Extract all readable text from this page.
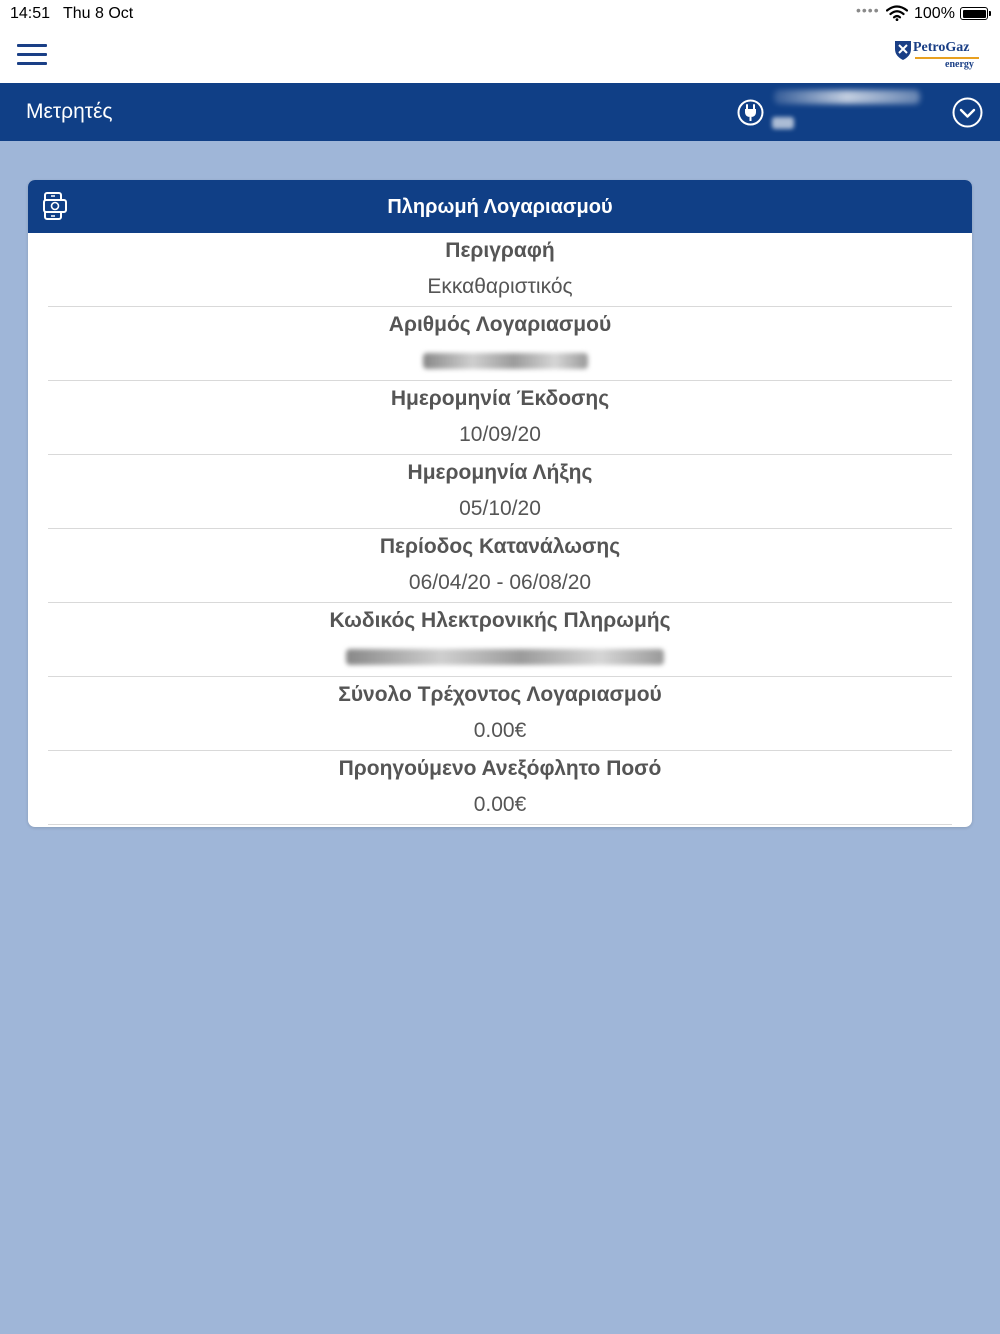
14:51 Thu 8 Oct	•••• 100%
PetroGaz
energy
Μετρητές
Πληρωμή Λογαριασμού
Περιγραφή
Εκκαθαριστικός
Αριθμός Λογαριασμού
Ημερομηνία Έκδοσης
10/09/20
Ημερομηνία Λήξης
05/10/20
Περίοδος Κατανάλωσης
06/04/20 - 06/08/20
Κωδικός Ηλεκτρονικής Πληρωμής
Σύνολο Τρέχοντος Λογαριασμού
0.00€
Προηγούμενο Ανεξόφλητο Ποσό
0.00€
